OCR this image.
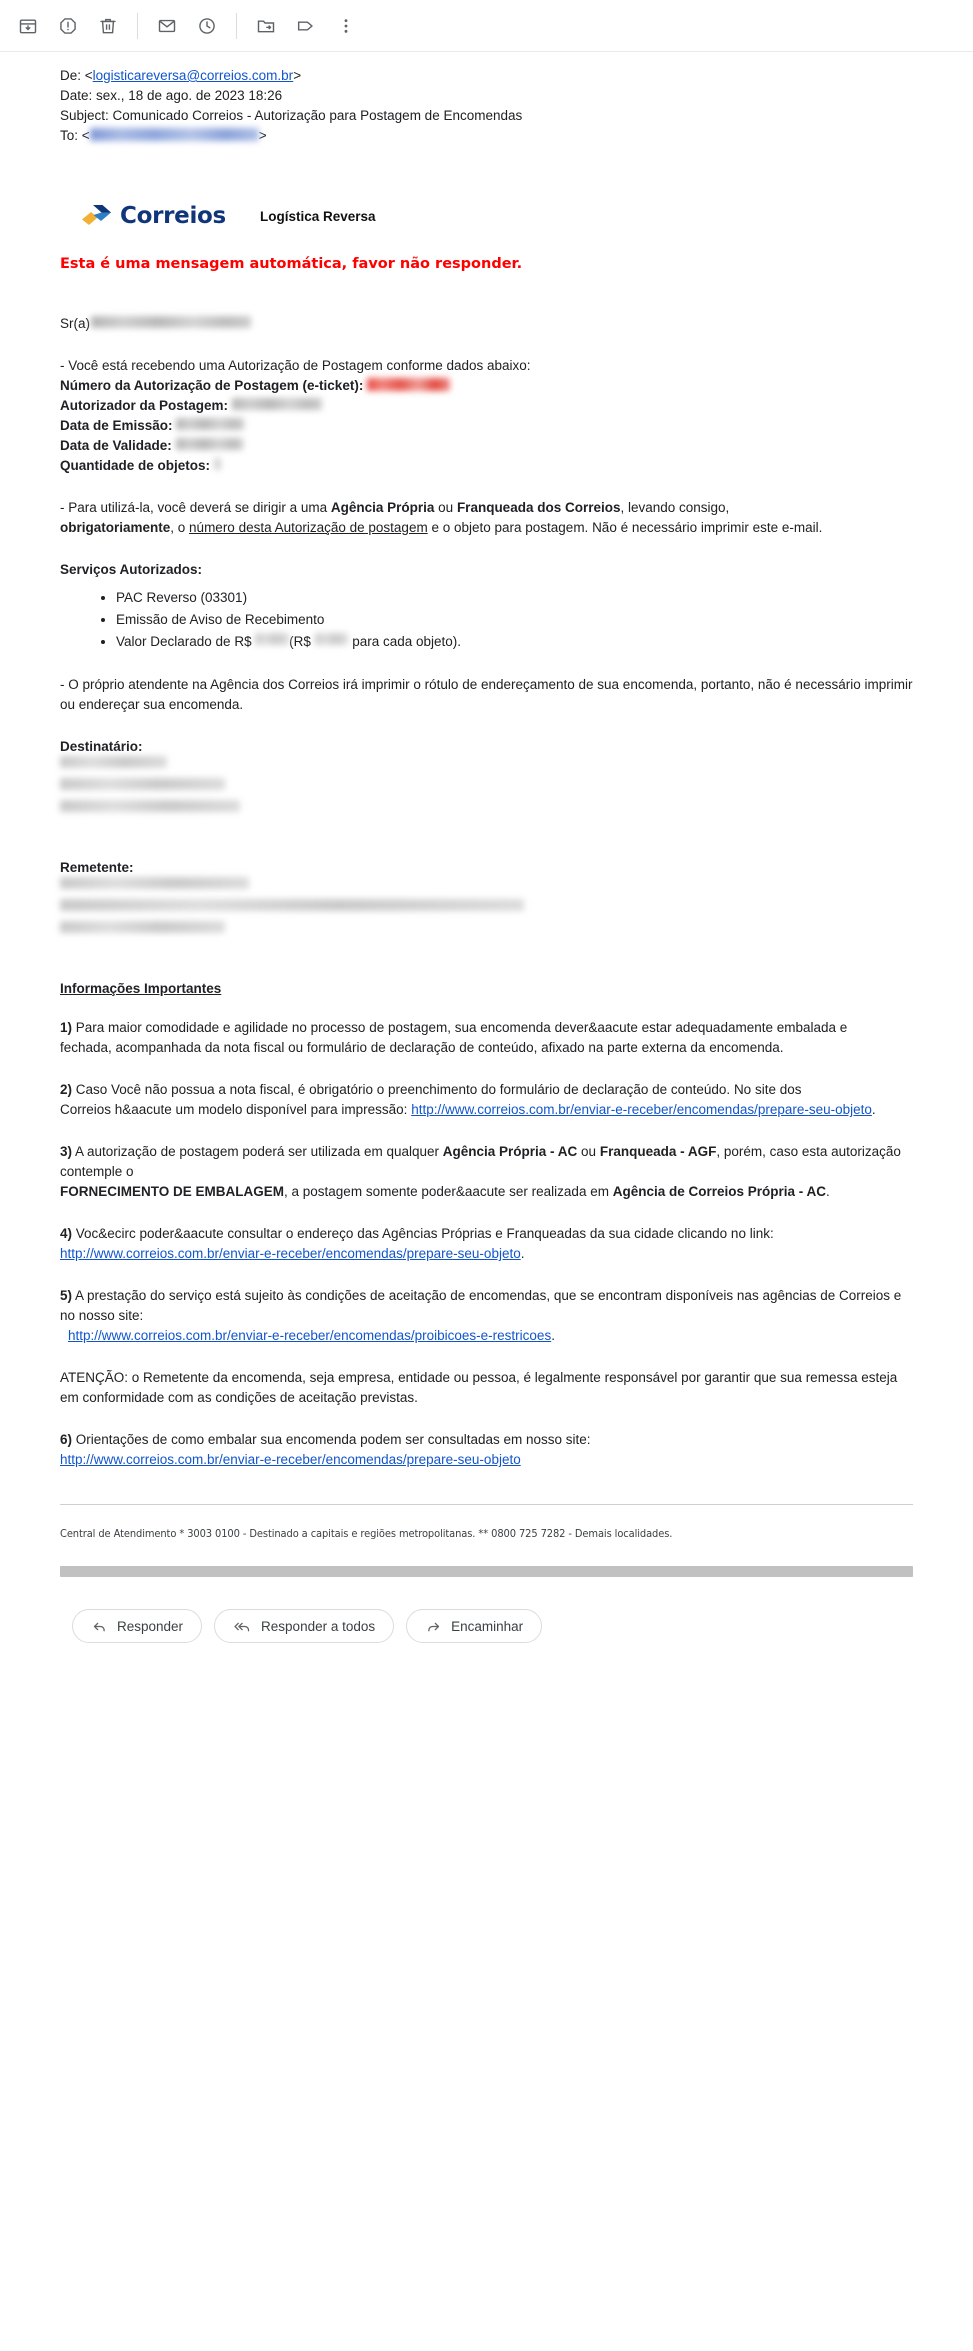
De: <logisticareversa@correios.com.br>
Date: sex., 18 de ago. de 2023 18:26
Subject: Comunicado Correios - Autorização para Postagem de Encomendas
To: <	>
Correios	Logística Reversa
Esta é uma mensagem automática, favor não responder.

Sr(a)

- Você está recebendo uma Autorização de Postagem conforme dados abaixo:

Número da Autorização de Postagem (e-ticket):

Autorizador da Postagem:

Data de Emissão:

Data de Validade:

Quantidade de objetos:

- Para utilizá-la, você deverá se dirigir a uma Agência Própria ou Franqueada dos Correios, levando consigo,
obrigatoriamente, o número desta Autorização de postagem e o objeto para postagem. Não é necessário imprimir este e-mail.

Serviços Autorizados:
• PAC Reverso (03301)
• Emissão de Aviso de Recebimento
• Valor Declarado de R$	(R$	para cada objeto).

- O próprio atendente na Agência dos Correios irá imprimir o rótulo de endereçamento de sua encomenda, portanto, não é necessário imprimir ou endereçar sua encomenda.

Destinatário:

Remetente:

Informações Importantes

1) Para maior comodidade e agilidade no processo de postagem, sua encomenda dever&aacute estar adequadamente embalada e
fechada, acompanhada da nota fiscal ou formulário de declaração de conteúdo, afixado na parte externa da encomenda.

2) Caso Você não possua a nota fiscal, é obrigatório o preenchimento do formulário de declaração de conteúdo. No site dos
Correios h&aacute um modelo disponível para impressão: http://www.correios.com.br/enviar-e-receber/encomendas/prepare-seu-objeto.

3) A autorização de postagem poderá ser utilizada em qualquer Agência Própria - AC ou Franqueada - AGF, porém, caso esta autorização contemple o
FORNECIMENTO DE EMBALAGEM, a postagem somente poder&aacute ser realizada em Agência de Correios Própria - AC.

4) Voc&ecirc poder&aacute consultar o endereço das Agências Próprias e Franqueadas da sua cidade clicando no link: http://www.correios.com.br/enviar-e-receber/encomendas/prepare-seu-objeto.

5) A prestação do serviço está sujeito às condições de aceitação de encomendas, que se encontram disponíveis nas agências de Correios e no nosso site:
http://www.correios.com.br/enviar-e-receber/encomendas/proibicoes-e-restricoes.

ATENÇÃO: o Remetente da encomenda, seja empresa, entidade ou pessoa, é legalmente responsável por garantir que sua remessa esteja em conformidade com as condições de aceitação previstas.

6) Orientações de como embalar sua encomenda podem ser consultadas em nosso site:
http://www.correios.com.br/enviar-e-receber/encomendas/prepare-seu-objeto

Central de Atendimento * 3003 0100 - Destinado a capitais e regiões metropolitanas. ** 0800 725 7282 - Demais localidades.
Responder	Responder a todos	Encaminhar
